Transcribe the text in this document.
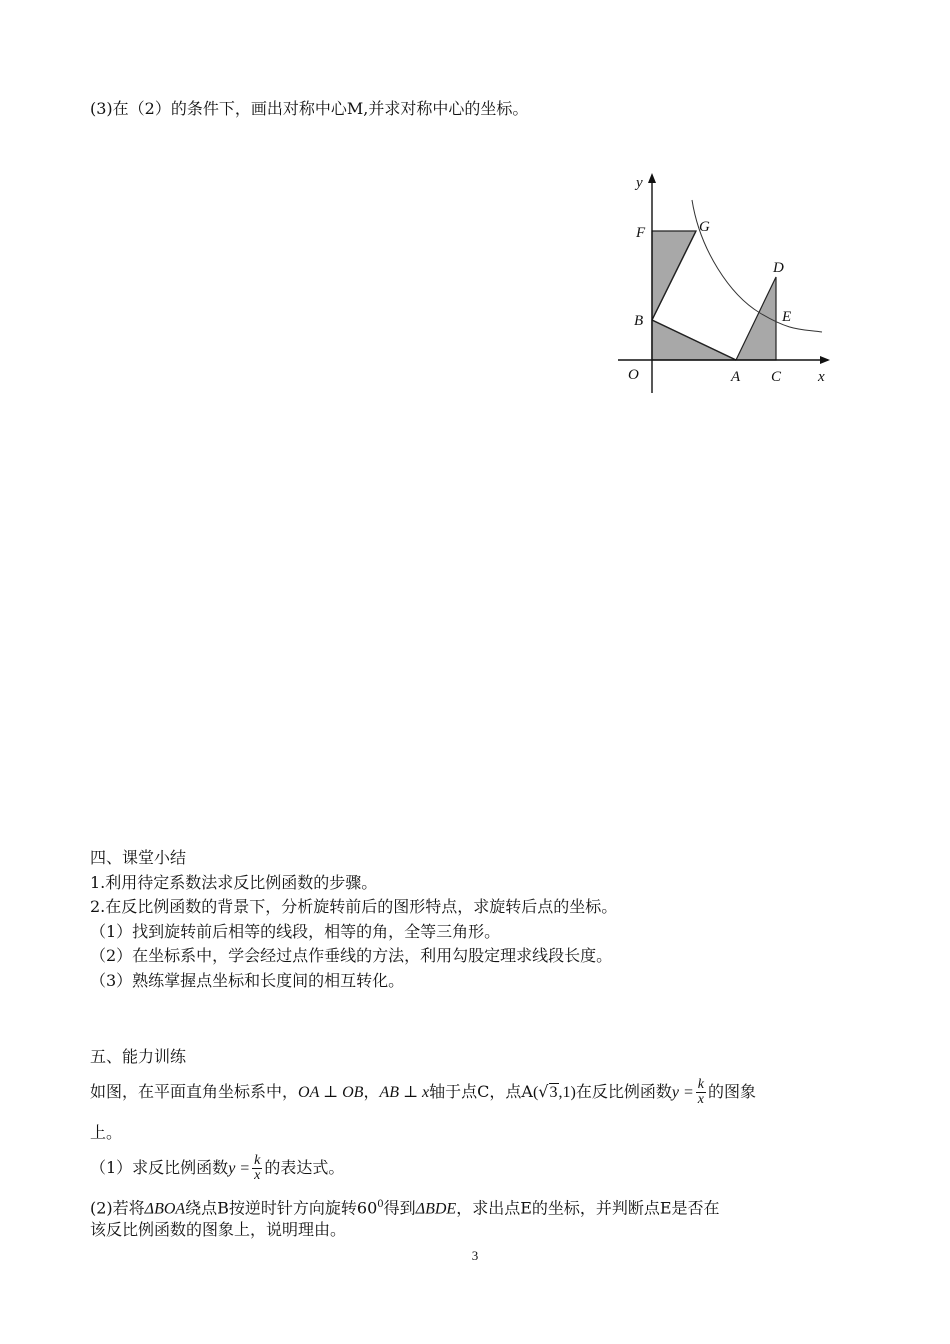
(3)在（2）的条件下，画出对称中心M,并求对称中心的坐标。
y
F	G
D
E
B
O	A C x
四、课堂小结
1.利用待定系数法求反比例函数的步骤。
2.在反比例函数的背景下，分析旋转前后的图形特点，求旋转后点的坐标。
（1）找到旋转前后相等的线段，相等的角，全等三角形。
（2）在坐标系中，学会经过点作垂线的方法，利用勾股定理求线段长度。
（3）熟练掌握点坐标和长度间的相互转化。
五、能力训练
如图，在平面直角坐标系中，OA ⊥ OB，AB ⊥ x轴于点C，点A(√3,1)在反比例函数$y = \frac{k}{x}$ 的图象
上。
（1）求反比例函数$y = \frac{k}{x}$ 的表达式。
(2)若将ΔBOA绕点B按逆时针方向旋转$60^0$得到ΔBDE，求出点E的坐标，并判断点E是否在
该反比例函数的图象上，说明理由。
3
